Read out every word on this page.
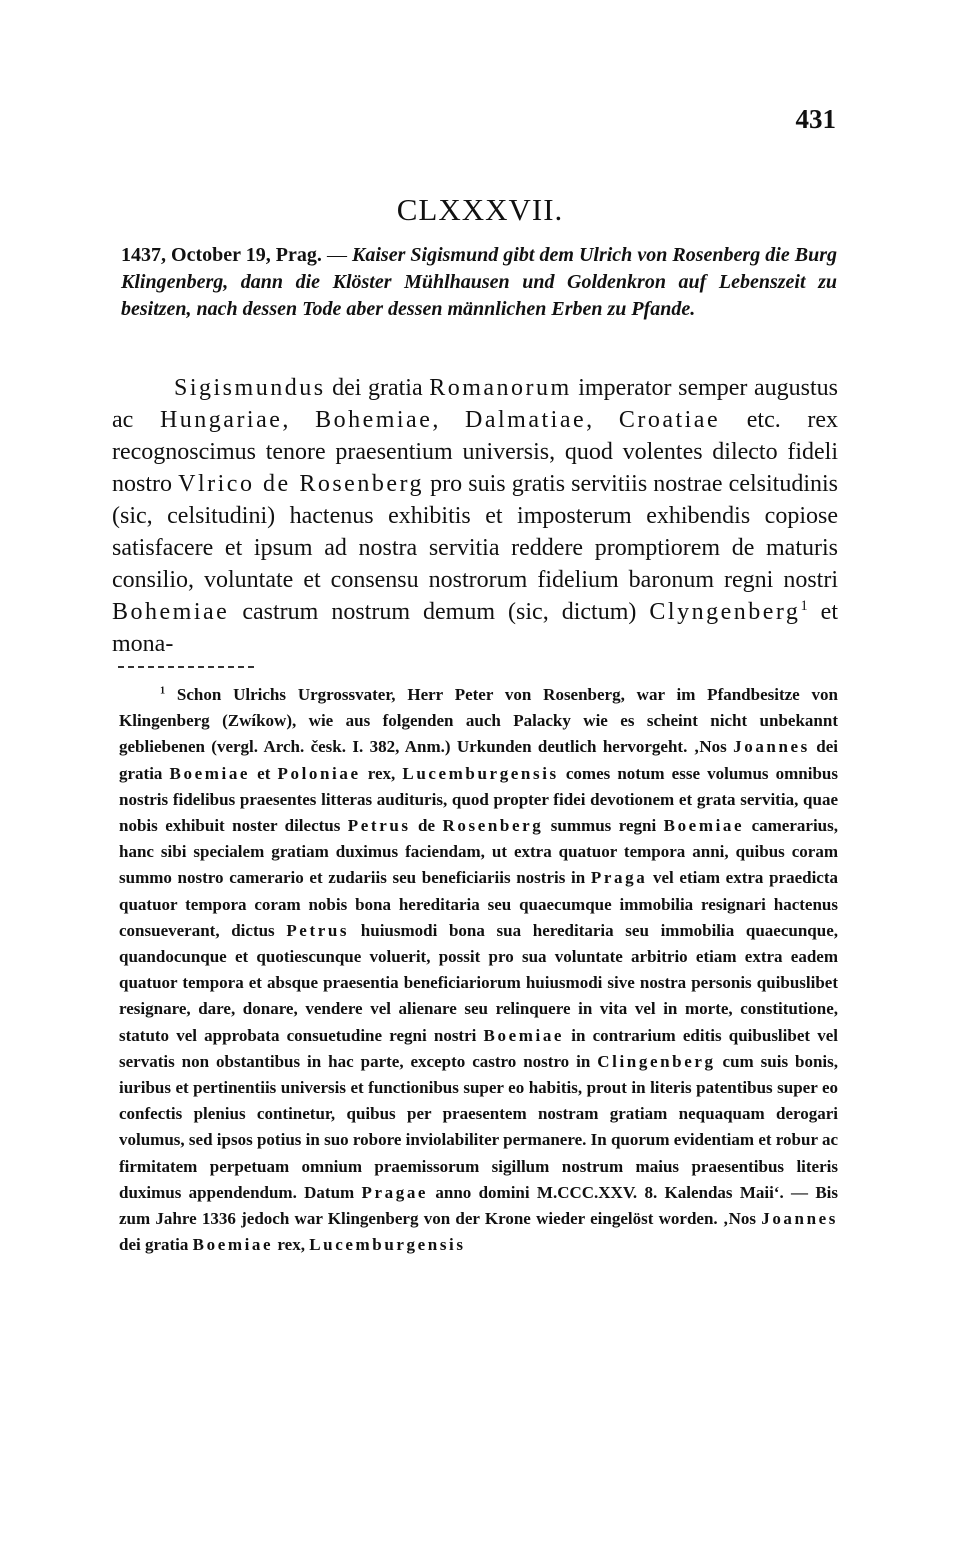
431
CLXXXVII.
1437, October 19, Prag. — Kaiser Sigismund gibt dem Ulrich von Rosenberg die Burg Klingenberg, dann die Klöster Mühlhausen und Goldenkron auf Lebenszeit zu besitzen, nach dessen Tode aber dessen männlichen Erben zu Pfande.

Sigismundus dei gratia Romanorum imperator semper augustus ac Hungariae, Bohemiae, Dalmatiae, Croatiae etc. rex recognoscimus tenore praesentium universis, quod volentes dilecto fideli nostro Vlrico de Rosenberg pro suis gratis servitiis nostrae celsitudinis (sic, celsitudini) hactenus exhibitis et imposterum exhibendis copiose satisfacere et ipsum ad nostra servitia reddere promptiorem de maturis consilio, voluntate et consensu nostrorum fidelium baronum regni nostri Bohemiae castrum nostrum demum (sic, dictum) Clyngenberg$^1$ et mona-

$^1$ Schon Ulrichs Urgrossvater, Herr Peter von Rosenberg, war im Pfandbesitze von Klingenberg (Zwíkow), wie aus folgenden auch Palacky wie es scheint nicht unbekannt gebliebenen (vergl. Arch. česk. I. 382, Anm.) Urkunden deutlich hervorgeht. ‚Nos Joannes dei gratia Boemiae et Poloniae rex, Lucemburgensis comes notum esse volumus omnibus nostris fidelibus praesentes litteras audituris, quod propter fidei devotionem et grata servitia, quae nobis exhibuit noster dilectus Petrus de Rosenberg summus regni Boemiae camerarius, hanc sibi specialem gratiam duximus faciendam, ut extra quatuor tempora anni, quibus coram summo nostro camerario et zudariis seu beneficiariis nostris in Praga vel etiam extra praedicta quatuor tempora coram nobis bona hereditaria seu quaecumque immobilia resignari hactenus consueverant, dictus Petrus huiusmodi bona sua hereditaria seu immobilia quaecunque, quandocunque et quotiescunque voluerit, possit pro sua voluntate arbitrio etiam extra eadem quatuor tempora et absque praesentia beneficiariorum huiusmodi sive nostra personis quibuslibet resignare, dare, donare, vendere vel alienare seu relinquere in vita vel in morte, constitutione, statuto vel approbata consuetudine regni nostri Boemiae in contrarium editis quibuslibet vel servatis non obstantibus in hac parte, excepto castro nostro in Clingenberg cum suis bonis, iuribus et pertinentiis universis et functionibus super eo habitis, prout in literis patentibus super eo confectis plenius continetur, quibus per praesentem nostram gratiam nequaquam derogari volumus, sed ipsos potius in suo robore inviolabiliter permanere. In quorum evidentiam et robur ac firmitatem perpetuam omnium praemissorum sigillum nostrum maius praesentibus literis duximus appendendum. Datum Pragae anno domini M.CCC.XXV. 8. Kalendas Maii‘. — Bis zum Jahre 1336 jedoch war Klingenberg von der Krone wieder eingelöst worden. ‚Nos Joannes dei gratia Boemiae rex, Lucemburgensis
